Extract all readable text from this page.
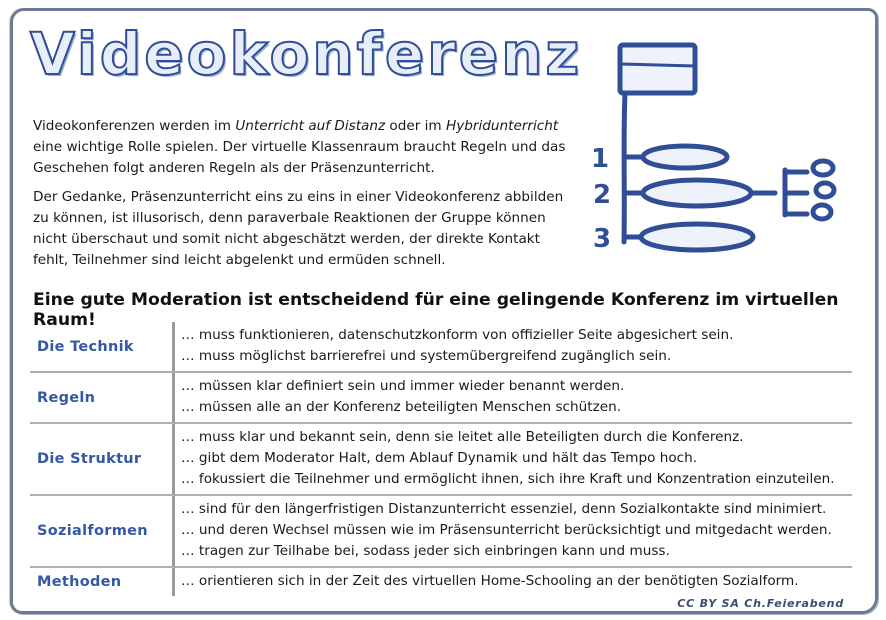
Videokonferenz

Videokonferenzen werden im Unterricht auf Distanz oder im Hybridunterricht eine wichtige Rolle spielen. Der virtuelle Klassenraum braucht Regeln und das Geschehen folgt anderen Regeln als der Präsenzunterricht.

Der Gedanke, Präsenzunterricht eins zu eins in einer Videokonferenz abbilden zu können, ist illusorisch, denn paraverbale Reaktionen der Gruppe können nicht überschaut und somit nicht abgeschätzt werden, der direkte Kontakt fehlt, Teilnehmer sind leicht abgelenkt und ermüden schnell.

1
2
3
Eine gute Moderation ist entscheidend für eine gelingende Konferenz im virtuellen Raum!
Die Technik
… muss funktionieren, datenschutzkonform von offizieller Seite abgesichert sein.
… muss möglichst barrierefrei und systemübergreifend zugänglich sein.
Regeln
… müssen klar definiert sein und immer wieder benannt werden.
… müssen alle an der Konferenz beteiligten Menschen schützen.
Die Struktur
… muss klar und bekannt sein, denn sie leitet alle Beteiligten durch die Konferenz.
… gibt dem Moderator Halt, dem Ablauf Dynamik und hält das Tempo hoch.
… fokussiert die Teilnehmer und ermöglicht ihnen, sich ihre Kraft und Konzentration einzuteilen.
Sozialformen
… sind für den längerfristigen Distanzunterricht essenziel, denn Sozialkontakte sind minimiert.
… und deren Wechsel müssen wie im Präsensunterricht berücksichtigt und mitgedacht werden.
… tragen zur Teilhabe bei, sodass jeder sich einbringen kann und muss.
Methoden	… orientieren sich in der Zeit des virtuellen Home-Schooling an der benötigten Sozialform.
CC BY SA Ch.Feierabend
